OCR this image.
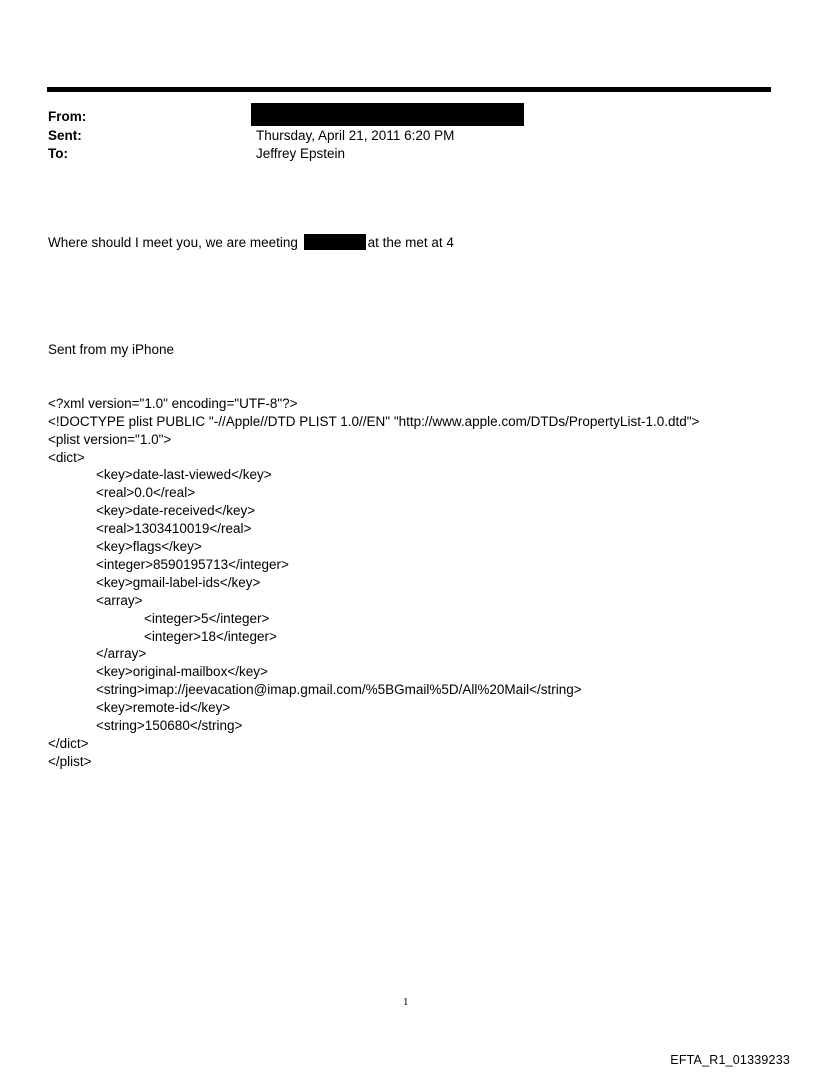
From:
Sent:	Thursday, April 21, 2011 6:20 PM
To:	Jeffrey Epstein

Where should I meet you, we are meeting	at the met at 4

Sent from my iPhone

<?xml version="1.0" encoding="UTF-8"?>
<!DOCTYPE plist PUBLIC "-//Apple//DTD PLIST 1.0//EN" "http://www.apple.com/DTDs/PropertyList-1.0.dtd">
<plist version="1.0">
<dict>
<key>date-last-viewed</key>
<real>0.0</real>
<key>date-received</key>
<real>1303410019</real>
<key>flags</key>
<integer>8590195713</integer>
<key>gmail-label-ids</key>
<array>
<integer>5</integer>
<integer>18</integer>
</array>
<key>original-mailbox</key>
<string>imap://jeevacation@imap.gmail.com/%5BGmail%5D/All%20Mail</string>
<key>remote-id</key>
<string>150680</string>
</dict>
</plist>

1
EFTA_R1_01339233
